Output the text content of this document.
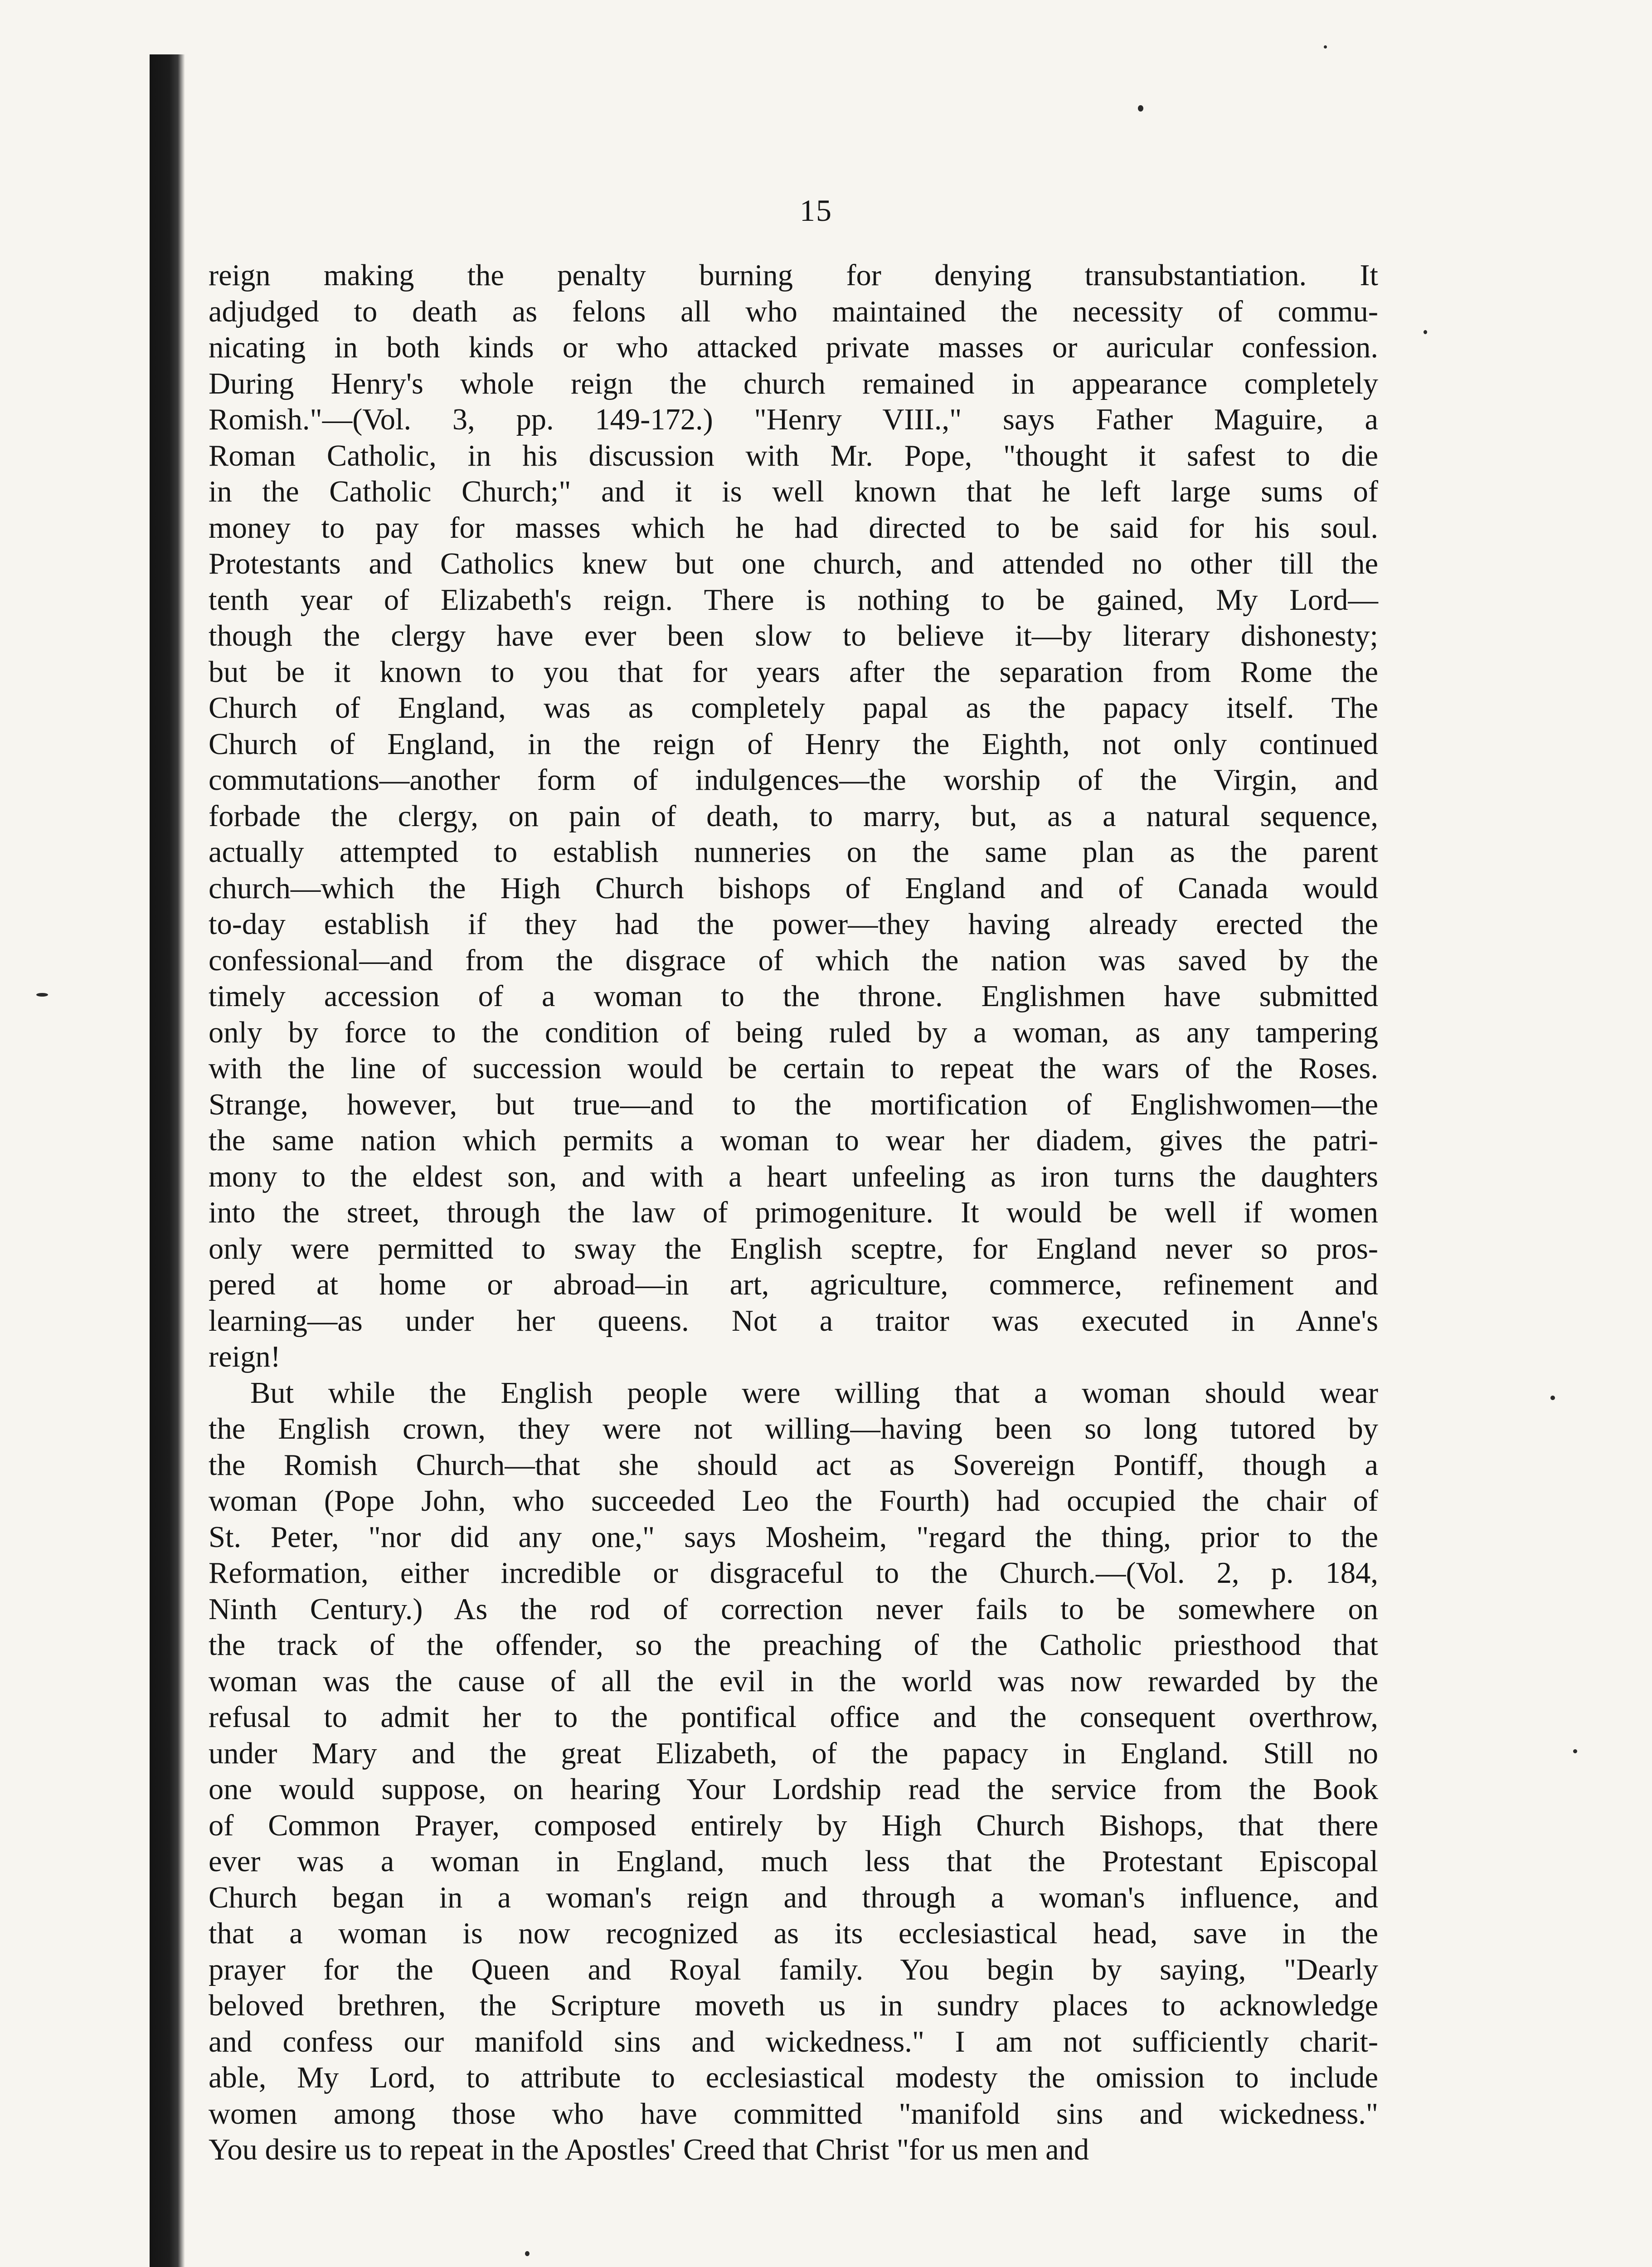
15

reign making the penalty burning for denying transubstantiation. It
adjudged to death as felons all who maintained the necessity of commu-
nicating in both kinds or who attacked private masses or auricular confession.
During Henry's whole reign the church remained in appearance completely
Romish."—(Vol. 3, pp. 149-172.) "Henry VIII.," says Father Maguire, a
Roman Catholic, in his discussion with Mr. Pope, "thought it safest to die
in the Catholic Church;" and it is well known that he left large sums of
money to pay for masses which he had directed to be said for his soul.
Protestants and Catholics knew but one church, and attended no other till the
tenth year of Elizabeth's reign. There is nothing to be gained, My Lord—
though the clergy have ever been slow to believe it—by literary dishonesty;
but be it known to you that for years after the separation from Rome the
Church of England, was as completely papal as the papacy itself. The
Church of England, in the reign of Henry the Eighth, not only continued
commutations—another form of indulgences—the worship of the Virgin, and
forbade the clergy, on pain of death, to marry, but, as a natural sequence,
actually attempted to establish nunneries on the same plan as the parent
church—which the High Church bishops of England and of Canada would
to-day establish if they had the power—they having already erected the
confessional—and from the disgrace of which the nation was saved by the
timely accession of a woman to the throne. Englishmen have submitted
only by force to the condition of being ruled by a woman, as any tampering
with the line of succession would be certain to repeat the wars of the Roses.
Strange, however, but true—and to the mortification of Englishwomen—the
the same nation which permits a woman to wear her diadem, gives the patri-
mony to the eldest son, and with a heart unfeeling as iron turns the daughters
into the street, through the law of primogeniture. It would be well if women
only were permitted to sway the English sceptre, for England never so pros-
pered at home or abroad—in art, agriculture, commerce, refinement and
learning—as under her queens. Not a traitor was executed in Anne's
reign!

But while the English people were willing that a woman should wear
the English crown, they were not willing—having been so long tutored by
the Romish Church—that she should act as Sovereign Pontiff, though a
woman (Pope John, who succeeded Leo the Fourth) had occupied the chair of
St. Peter, "nor did any one," says Mosheim, "regard the thing, prior to the
Reformation, either incredible or disgraceful to the Church.—(Vol. 2, p. 184,
Ninth Century.) As the rod of correction never fails to be somewhere on
the track of the offender, so the preaching of the Catholic priesthood that
woman was the cause of all the evil in the world was now rewarded by the
refusal to admit her to the pontifical office and the consequent overthrow,
under Mary and the great Elizabeth, of the papacy in England. Still no
one would suppose, on hearing Your Lordship read the service from the Book
of Common Prayer, composed entirely by High Church Bishops, that there
ever was a woman in England, much less that the Protestant Episcopal
Church began in a woman's reign and through a woman's influence, and
that a woman is now recognized as its ecclesiastical head, save in the
prayer for the Queen and Royal family. You begin by saying, "Dearly
beloved brethren, the Scripture moveth us in sundry places to acknowledge
and confess our manifold sins and wickedness." I am not sufficiently charit-
able, My Lord, to attribute to ecclesiastical modesty the omission to include
women among those who have committed "manifold sins and wickedness."
You desire us to repeat in the Apostles' Creed that Christ "for us men and
